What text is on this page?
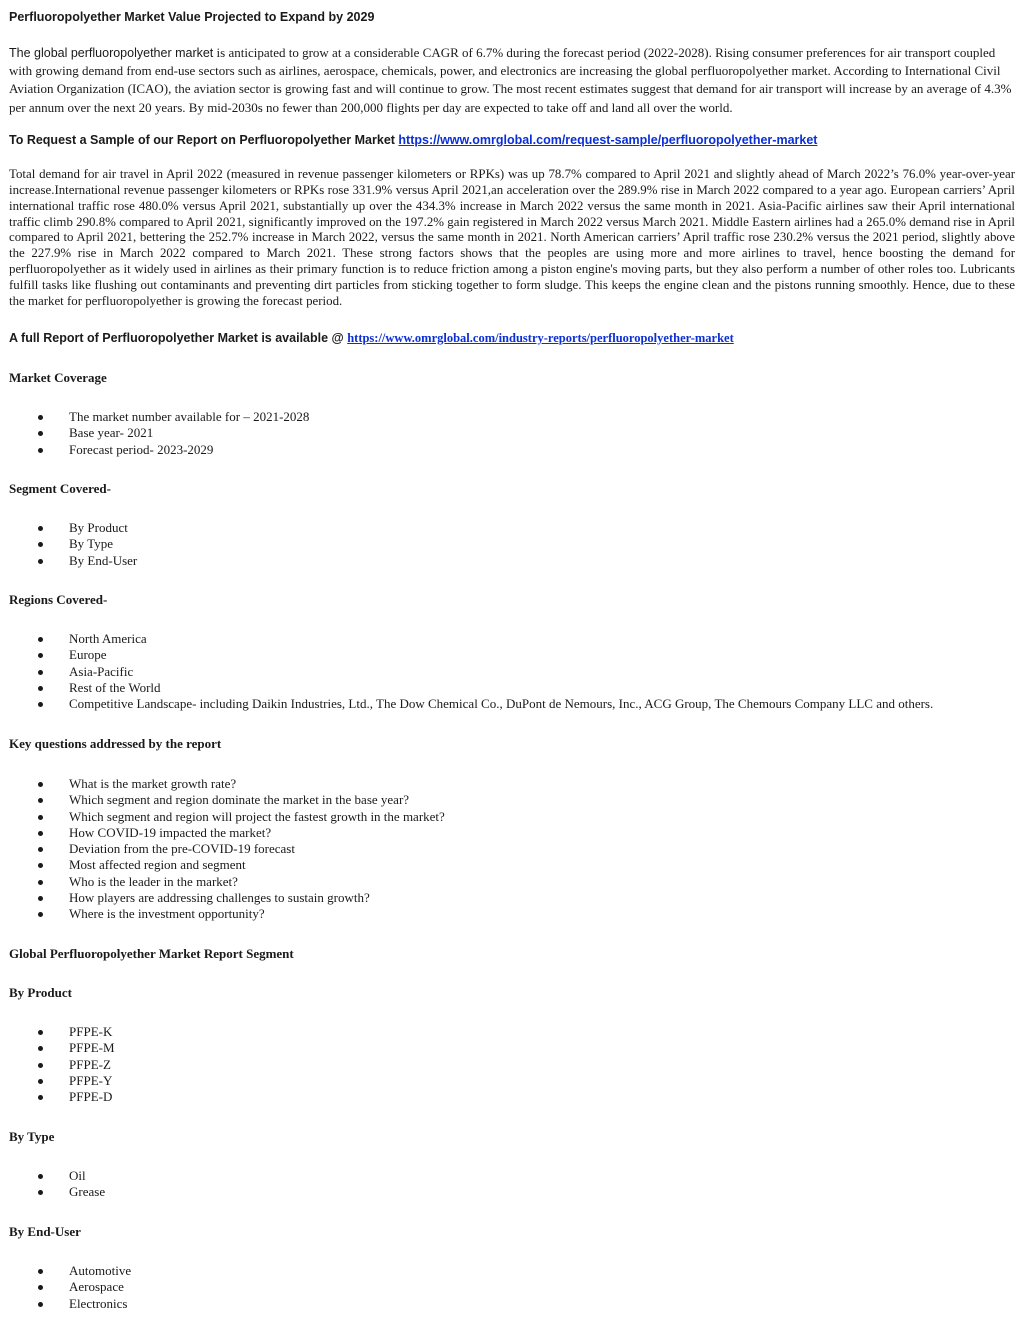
Perfluoropolyether Market Value Projected to Expand by 2029

The global perfluoropolyether market is anticipated to grow at a considerable CAGR of 6.7% during the forecast period (2022-2028). Rising consumer preferences for air transport coupled with growing demand from end-use sectors such as airlines, aerospace, chemicals, power, and electronics are increasing the global perfluoropolyether market. According to International Civil Aviation Organization (ICAO), the aviation sector is growing fast and will continue to grow. The most recent estimates suggest that demand for air transport will increase by an average of 4.3% per annum over the next 20 years. By mid-2030s no fewer than 200,000 flights per day are expected to take off and land all over the world.

To Request a Sample of our Report on Perfluoropolyether Market https://www.omrglobal.com/request-sample/perfluoropolyether-market

Total demand for air travel in April 2022 (measured in revenue passenger kilometers or RPKs) was up 78.7% compared to April 2021 and slightly ahead of March 2022’s 76.0% year-over-year increase.International revenue passenger kilometers or RPKs rose 331.9% versus April 2021,an acceleration over the 289.9% rise in March 2022 compared to a year ago. European carriers’ April international traffic rose 480.0% versus April 2021, substantially up over the 434.3% increase in March 2022 versus the same month in 2021. Asia-Pacific airlines saw their April international traffic climb 290.8% compared to April 2021, significantly improved on the 197.2% gain registered in March 2022 versus March 2021. Middle Eastern airlines had a 265.0% demand rise in April compared to April 2021, bettering the 252.7% increase in March 2022, versus the same month in 2021. North American carriers’ April traffic rose 230.2% versus the 2021 period, slightly above the 227.9% rise in March 2022 compared to March 2021. These strong factors shows that the peoples are using more and more airlines to travel, hence boosting the demand for perfluoropolyether as it widely used in airlines as their primary function is to reduce friction among a piston engine's moving parts, but they also perform a number of other roles too. Lubricants fulfill tasks like flushing out contaminants and preventing dirt particles from sticking together to form sludge. This keeps the engine clean and the pistons running smoothly. Hence, due to these the market for perfluoropolyether is growing the forecast period.

A full Report of Perfluoropolyether Market is available @ https://www.omrglobal.com/industry-reports/perfluoropolyether-market

Market Coverage
The market number available for – 2021-2028
Base year- 2021
Forecast period- 2023-2029
Segment Covered-
By Product
By Type
By End-User
Regions Covered-
North America
Europe
Asia-Pacific
Rest of the World
Competitive Landscape- including Daikin Industries, Ltd., The Dow Chemical Co., DuPont de Nemours, Inc., ACG Group, The Chemours Company LLC and others.
Key questions addressed by the report
What is the market growth rate?
Which segment and region dominate the market in the base year?
Which segment and region will project the fastest growth in the market?
How COVID-19 impacted the market?
Deviation from the pre-COVID-19 forecast
Most affected region and segment
Who is the leader in the market?
How players are addressing challenges to sustain growth?
Where is the investment opportunity?
Global Perfluoropolyether Market Report Segment
By Product
PFPE-K
PFPE-M
PFPE-Z
PFPE-Y
PFPE-D
By Type
Oil
Grease
By End-User
Automotive
Aerospace
Electronics
